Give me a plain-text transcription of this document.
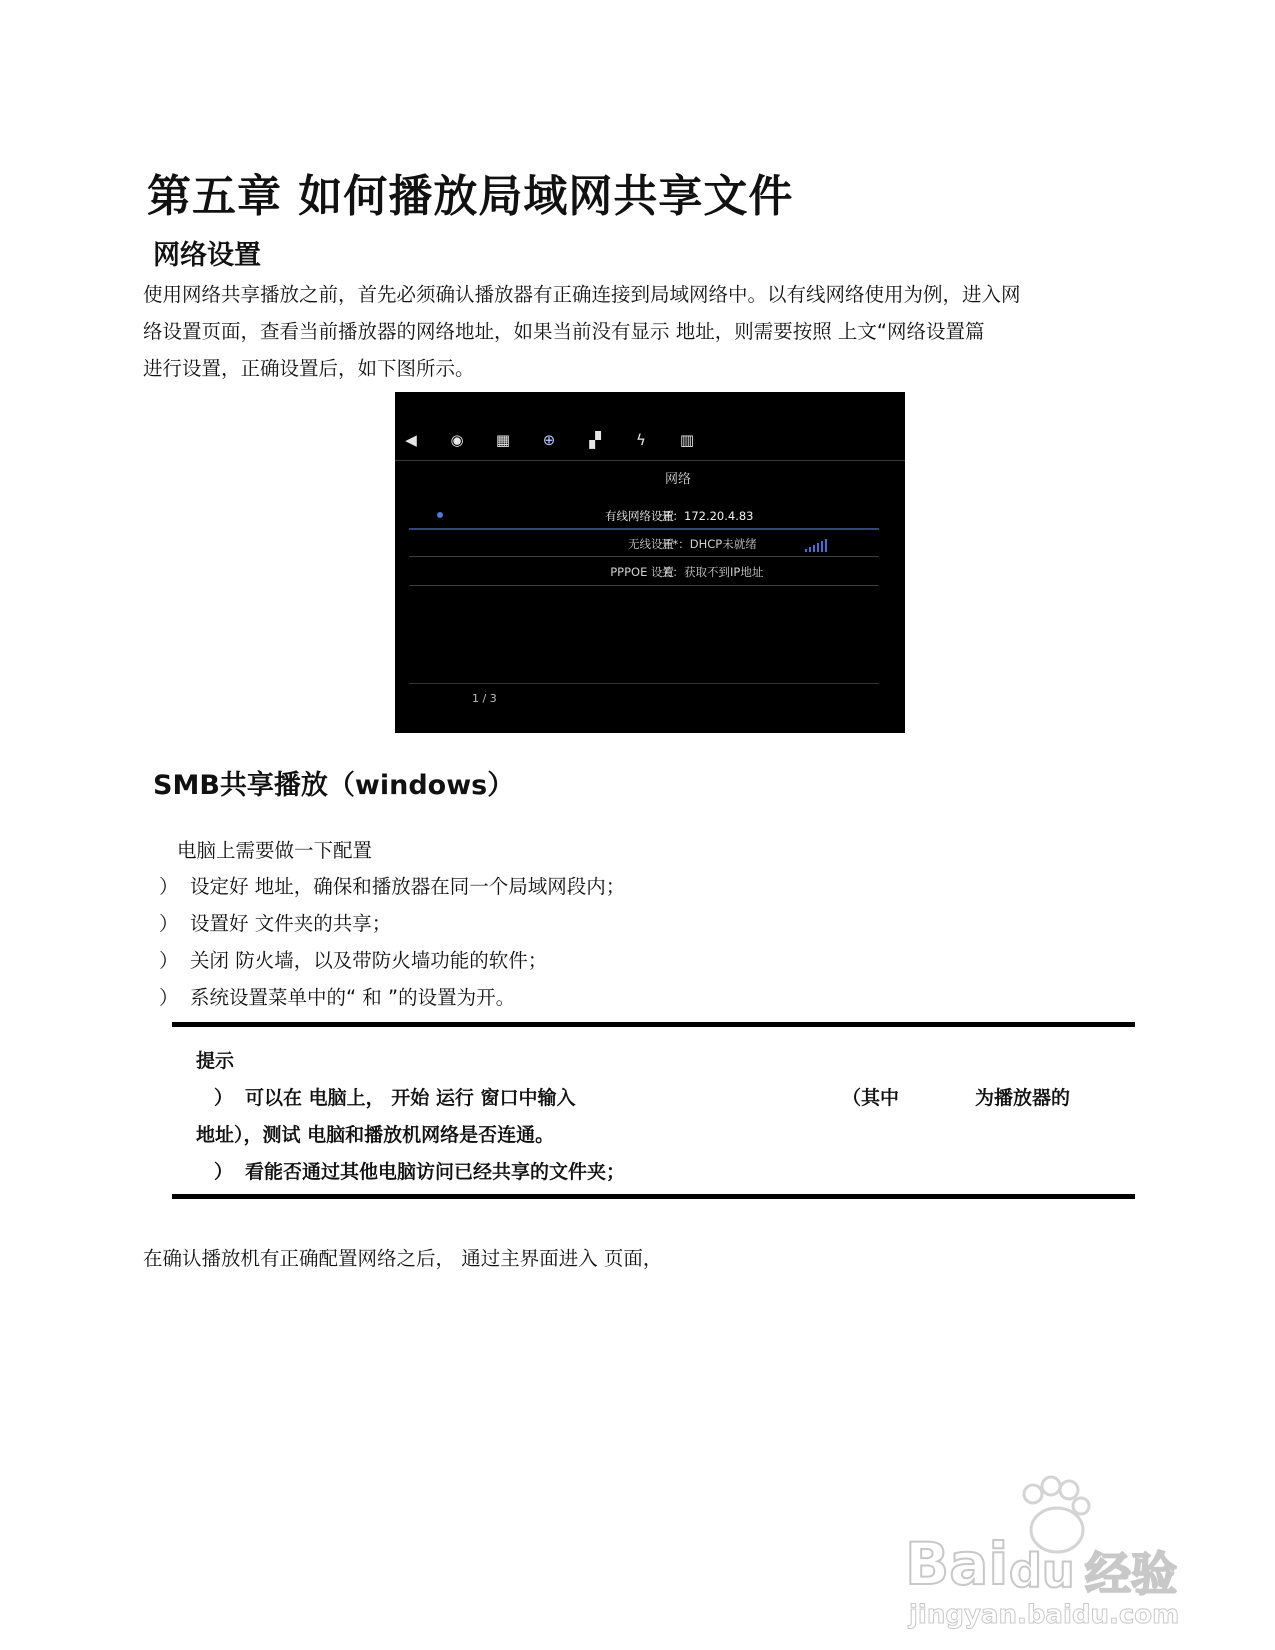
第五章 如何播放局域网共享文件
网络设置
使用网络共享播放之前，首先必须确认播放器有正确连接到局域网络中。以有线网络使用为例，进入网
络设置页面，查看当前播放器的网络地址，如果当前没有显示 地址，则需要按照 上文“网络设置篇
进行设置，正确设置后，如下图所示。
◀ ◉ ▦ ⊕ ▞	ϟ	▥
网络
有线网络设置
开：172.20.4.83
无线设置
开*：DHCP未就绪
PPPOE 设置
关：获取不到IP地址
1 / 3
SMB共享播放（windows）
电脑上需要做一下配置
） 设定好 地址，确保和播放器在同一个局域网段内；
） 设置好 文件夹的共享；
） 关闭 防火墙，以及带防火墙功能的软件；
） 系统设置菜单中的“ 和 ”的设置为开。
提示
） 可以在 电脑上， 开始 运行 窗口中输入	（其中	为播放器的
地址），测试 电脑和播放机网络是否连通。
） 看能否通过其他电脑访问已经共享的文件夹；
在确认播放机有正确配置网络之后， 通过主界面进入 页面，
Bai du 经验
jingyan.baidu.com
